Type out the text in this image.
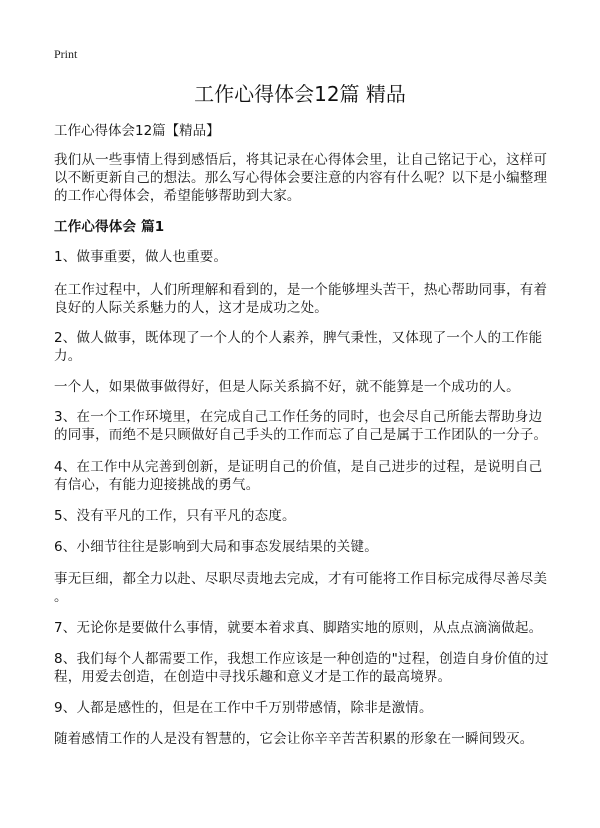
Print
工作心得体会12篇 精品
工作心得体会12篇【精品】
我们从一些事情上得到感悟后，将其记录在心得体会里，让自己铭记于心，这样可
以不断更新自己的想法。那么写心得体会要注意的内容有什么呢？以下是小编整理
的工作心得体会，希望能够帮助到大家。
工作心得体会 篇1
1、做事重要，做人也重要。
在工作过程中，人们所理解和看到的，是一个能够埋头苦干，热心帮助同事，有着
良好的人际关系魅力的人，这才是成功之处。
2、做人做事，既体现了一个人的个人素养，脾气秉性，又体现了一个人的工作能
力。
一个人，如果做事做得好，但是人际关系搞不好，就不能算是一个成功的人。
3、在一个工作环境里，在完成自己工作任务的同时，也会尽自己所能去帮助身边
的同事，而绝不是只顾做好自己手头的工作而忘了自己是属于工作团队的一分子。
4、在工作中从完善到创新，是证明自己的价值，是自己进步的过程，是说明自己
有信心，有能力迎接挑战的勇气。
5、没有平凡的工作，只有平凡的态度。
6、小细节往往是影响到大局和事态发展结果的关键。
事无巨细，都全力以赴、尽职尽责地去完成，才有可能将工作目标完成得尽善尽美
。
7、无论你是要做什么事情，就要本着求真、脚踏实地的原则，从点点滴滴做起。
8、我们每个人都需要工作，我想工作应该是一种创造的"过程，创造自身价值的过
程，用爱去创造，在创造中寻找乐趣和意义才是工作的最高境界。
9、人都是感性的，但是在工作中千万别带感情，除非是激情。
随着感情工作的人是没有智慧的，它会让你辛辛苦苦积累的形象在一瞬间毁灭。
